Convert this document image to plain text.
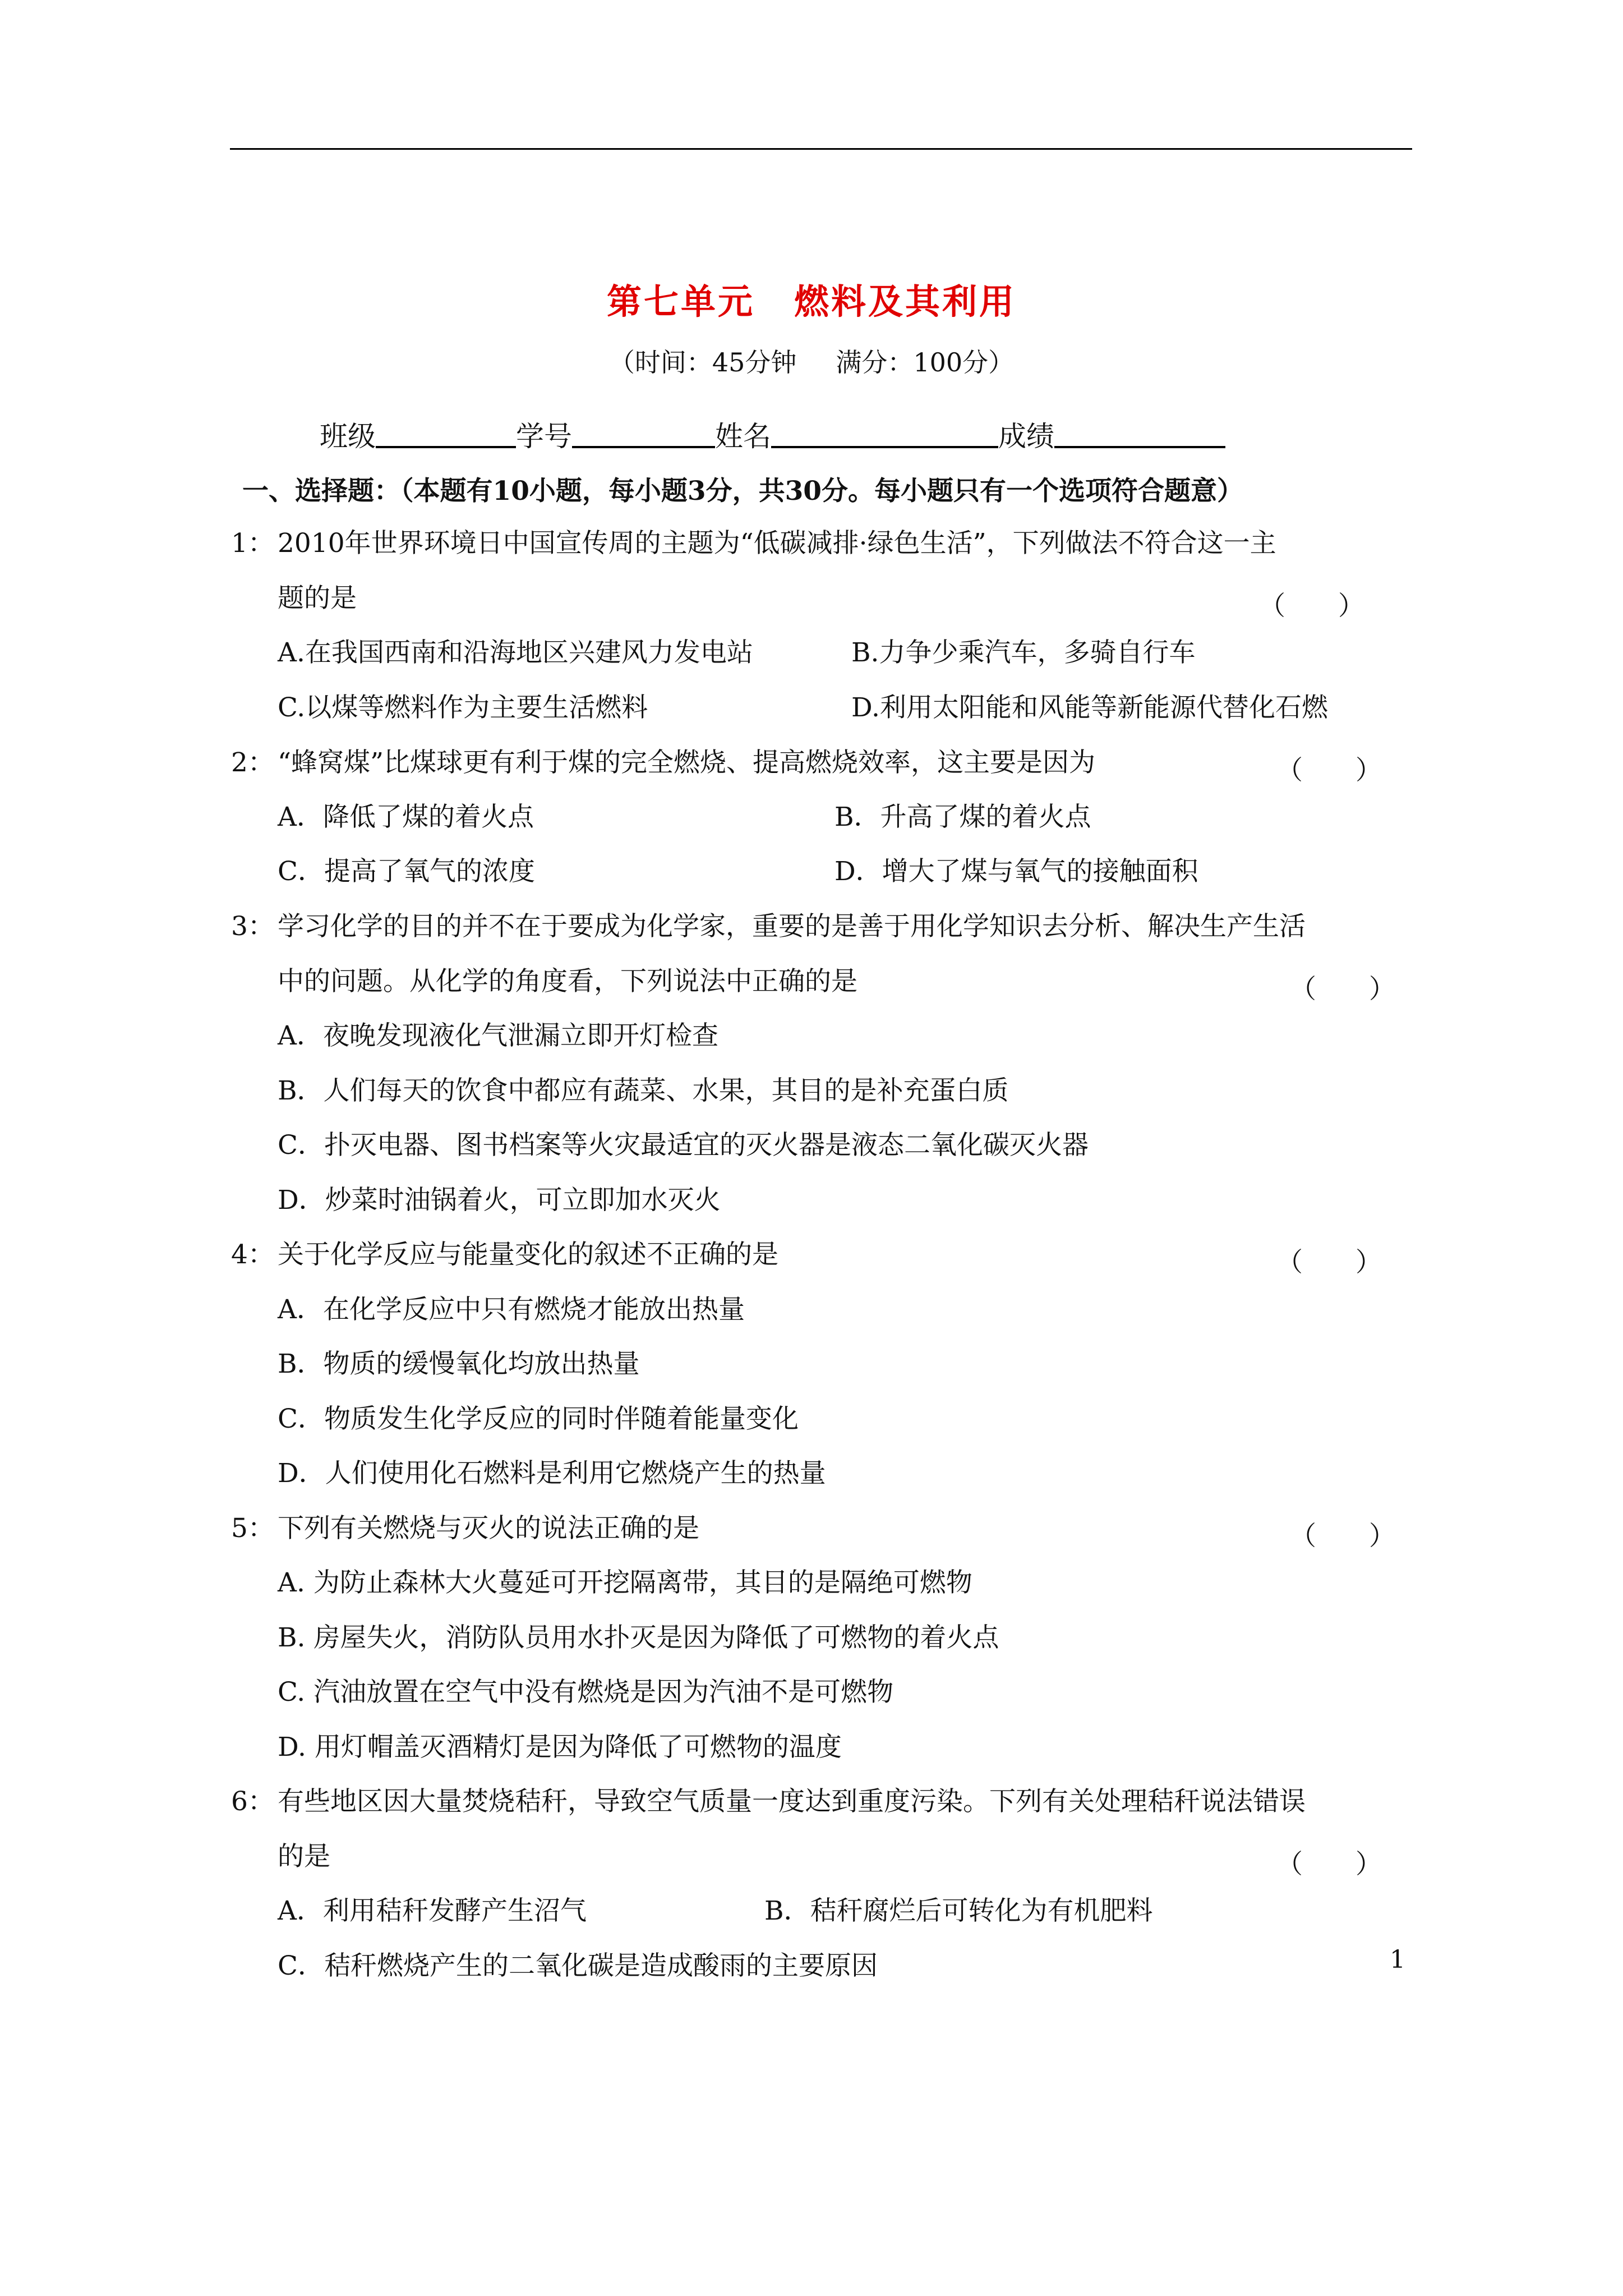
第七单元 燃料及其利用
（时间：45分钟 满分：100分）
班级	学号	姓名	成绩
一、选择题：（本题有10小题，每小题3分，共30分。每小题只有一个选项符合题意）
1： 2010年世界环境日中国宣传周的主题为“低碳减排·绿色生活”，下列做法不符合这一主
题的是	（　　）
A.在我国西南和沿海地区兴建风力发电站	B.力争少乘汽车，多骑自行车
C.以煤等燃料作为主要生活燃料	D.利用太阳能和风能等新能源代替化石燃
2： “蜂窝煤”比煤球更有利于煤的完全燃烧、提高燃烧效率，这主要是因为	（　　）
A．降低了煤的着火点	B．升高了煤的着火点
C．提高了氧气的浓度	D．增大了煤与氧气的接触面积
3： 学习化学的目的并不在于要成为化学家，重要的是善于用化学知识去分析、解决生产生活
中的问题。从化学的角度看，下列说法中正确的是	（　　）
A．夜晚发现液化气泄漏立即开灯检查
B．人们每天的饮食中都应有蔬菜、水果，其目的是补充蛋白质
C．扑灭电器、图书档案等火灾最适宜的灭火器是液态二氧化碳灭火器
D．炒菜时油锅着火，可立即加水灭火
4： 关于化学反应与能量变化的叙述不正确的是	（　　）
A．在化学反应中只有燃烧才能放出热量
B．物质的缓慢氧化均放出热量
C．物质发生化学反应的同时伴随着能量变化
D．人们使用化石燃料是利用它燃烧产生的热量
5： 下列有关燃烧与灭火的说法正确的是	（　　）
A. 为防止森林大火蔓延可开挖隔离带，其目的是隔绝可燃物
B. 房屋失火，消防队员用水扑灭是因为降低了可燃物的着火点
C. 汽油放置在空气中没有燃烧是因为汽油不是可燃物
D. 用灯帽盖灭酒精灯是因为降低了可燃物的温度
6： 有些地区因大量焚烧秸秆，导致空气质量一度达到重度污染。下列有关处理秸秆说法错误
的是	（　　）
A．利用秸秆发酵产生沼气	B．秸秆腐烂后可转化为有机肥料
C．秸秆燃烧产生的二氧化碳是造成酸雨的主要原因	1
